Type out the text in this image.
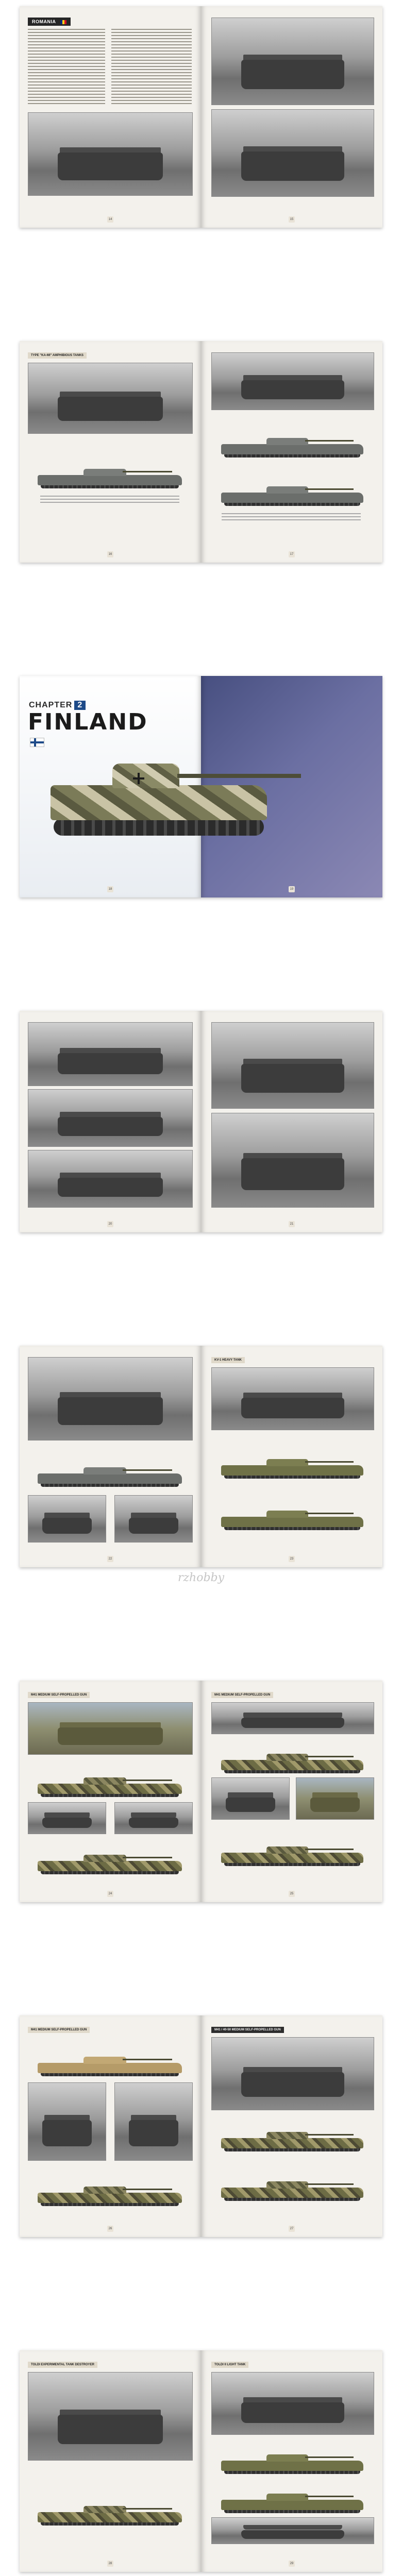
ROMANIA
14	15
TYPE "KA-MI" AMPHIBIOUS TANKS
16	17
CHAPTER 2
FINLAND
18	19
20	21
22
KV-1 HEAVY TANK
23
rzhobby
M41 MEDIUM SELF-PROPELLED GUN
24
M41 MEDIUM SELF-PROPELLED GUN
25
M41 MEDIUM SELF-PROPELLED GUN
26
M41 / 40-50 MEDIUM SELF-PROPELLED GUN
27
TOLDI EXPERIMENTAL TANK DESTROYER
28
TOLDI II LIGHT TANK
29
